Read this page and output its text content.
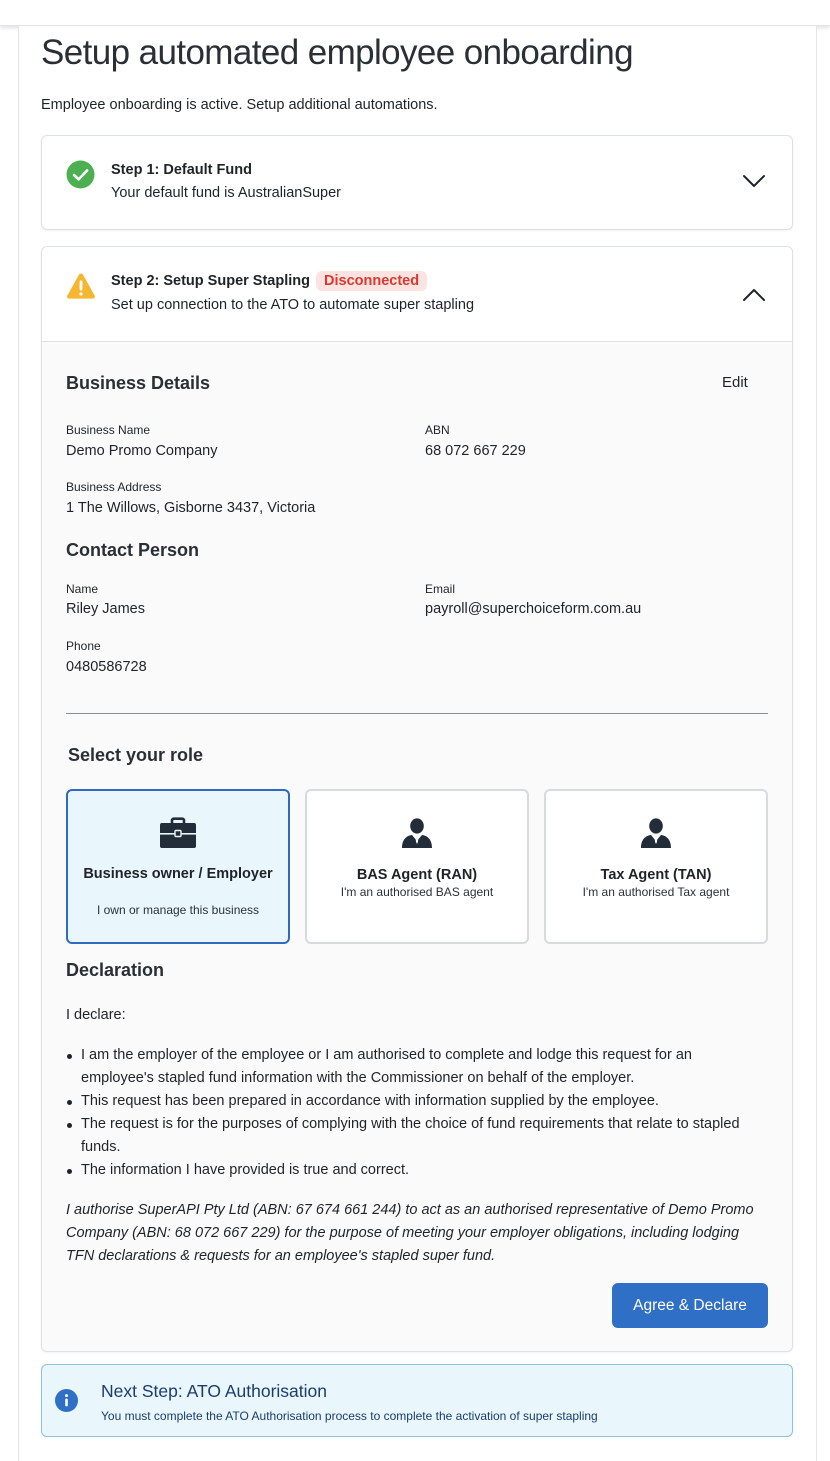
Setup automated employee onboarding

Employee onboarding is active. Setup additional automations.

Step 1: Default Fund
Your default fund is AustralianSuper
Step 2: Setup Super Stapling Disconnected
Set up connection to the ATO to automate super stapling
Business Details	Edit
Business Name
Demo Promo Company
ABN
68 072 667 229
Business Address
1 The Willows, Gisborne 3437, Victoria
Contact Person
Name
Riley James
Email
payroll@superchoiceform.com.au
Phone
0480586728
Select your role
Business owner / Employer
I own or manage this business
BAS Agent (RAN)
I'm an authorised BAS agent
Tax Agent (TAN)
I'm an authorised Tax agent
Declaration
I declare:
I am the employer of the employee or I am authorised to complete and lodge this request for an employee's stapled fund information with the Commissioner on behalf of the employer.
This request has been prepared in accordance with information supplied by the employee.
The request is for the purposes of complying with the choice of fund requirements that relate to stapled funds.
The information I have provided is true and correct.

I authorise SuperAPI Pty Ltd (ABN: 67 674 661 244) to act as an authorised representative of Demo Promo Company (ABN: 68 072 667 229) for the purpose of meeting your employer obligations, including lodging TFN declarations & requests for an employee's stapled super fund.

Agree & Declare
Next Step: ATO Authorisation
You must complete the ATO Authorisation process to complete the activation of super stapling
